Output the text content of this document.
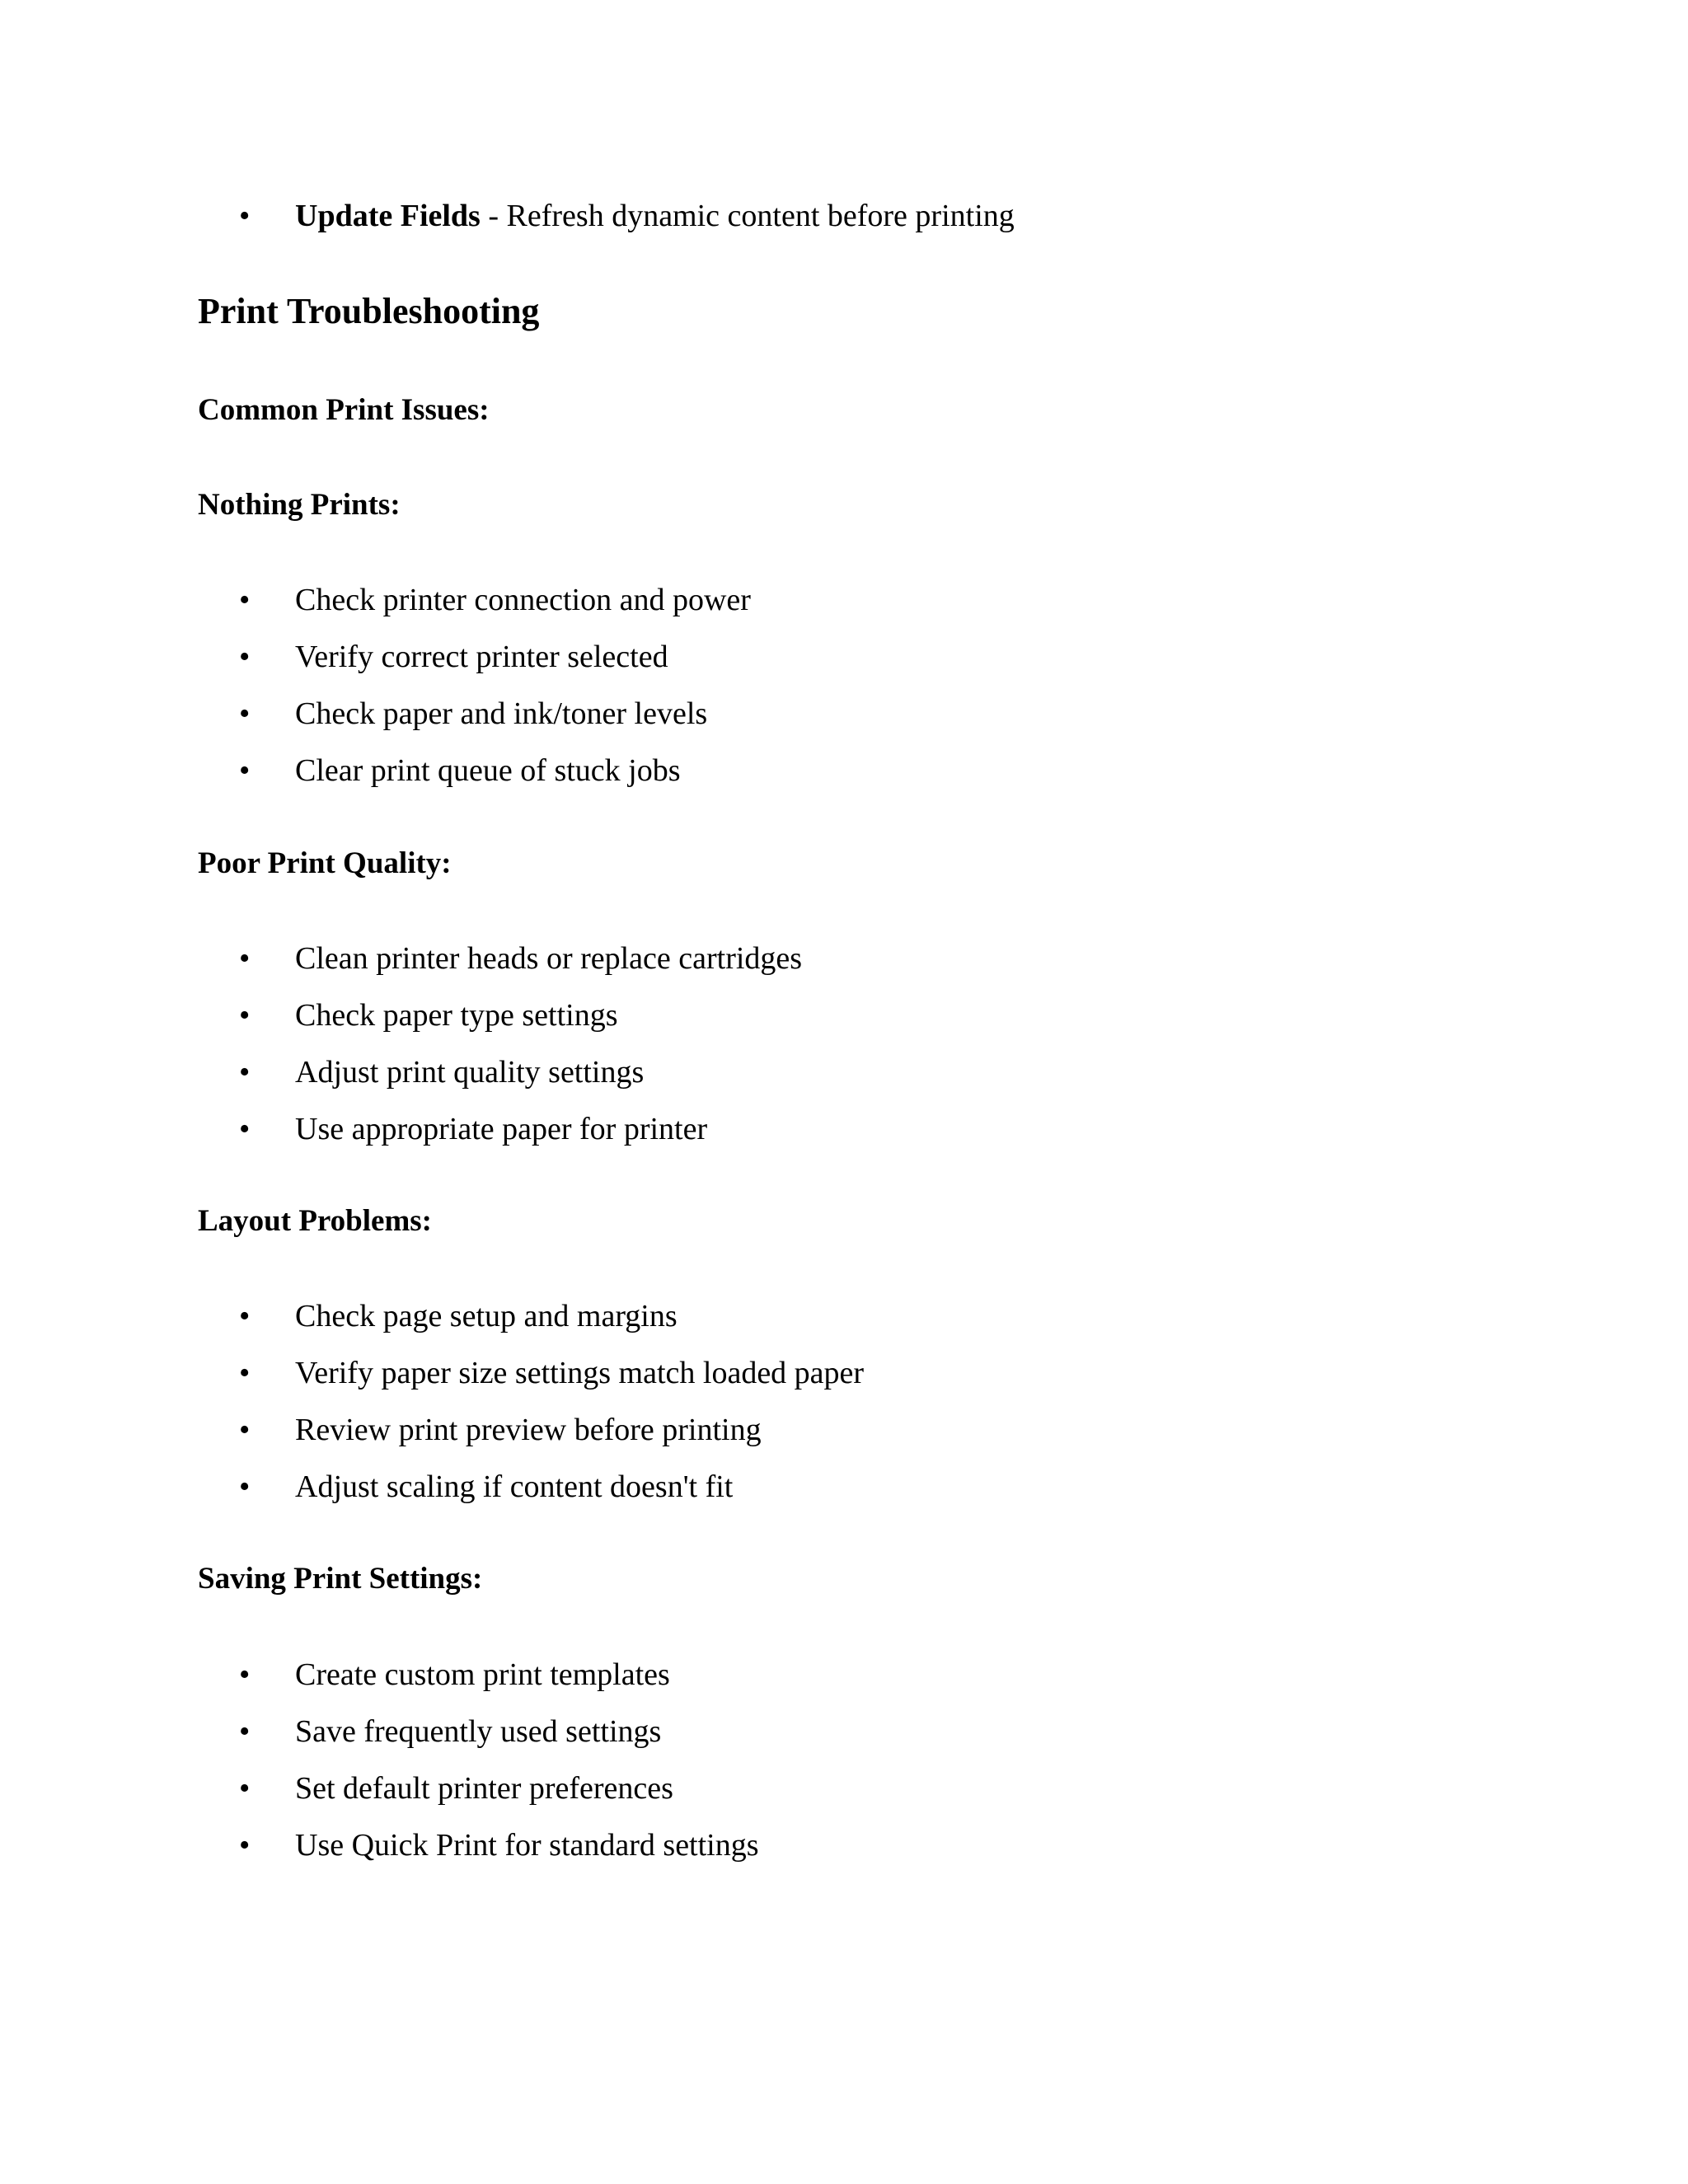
• Update Fields - Refresh dynamic content before printing
Print Troubleshooting
Common Print Issues:
Nothing Prints:
• Check printer connection and power
• Verify correct printer selected
• Check paper and ink/toner levels
• Clear print queue of stuck jobs
Poor Print Quality:
• Clean printer heads or replace cartridges
• Check paper type settings
• Adjust print quality settings
• Use appropriate paper for printer
Layout Problems:
• Check page setup and margins
• Verify paper size settings match loaded paper
• Review print preview before printing
• Adjust scaling if content doesn't fit
Saving Print Settings:
• Create custom print templates
• Save frequently used settings
• Set default printer preferences
• Use Quick Print for standard settings
